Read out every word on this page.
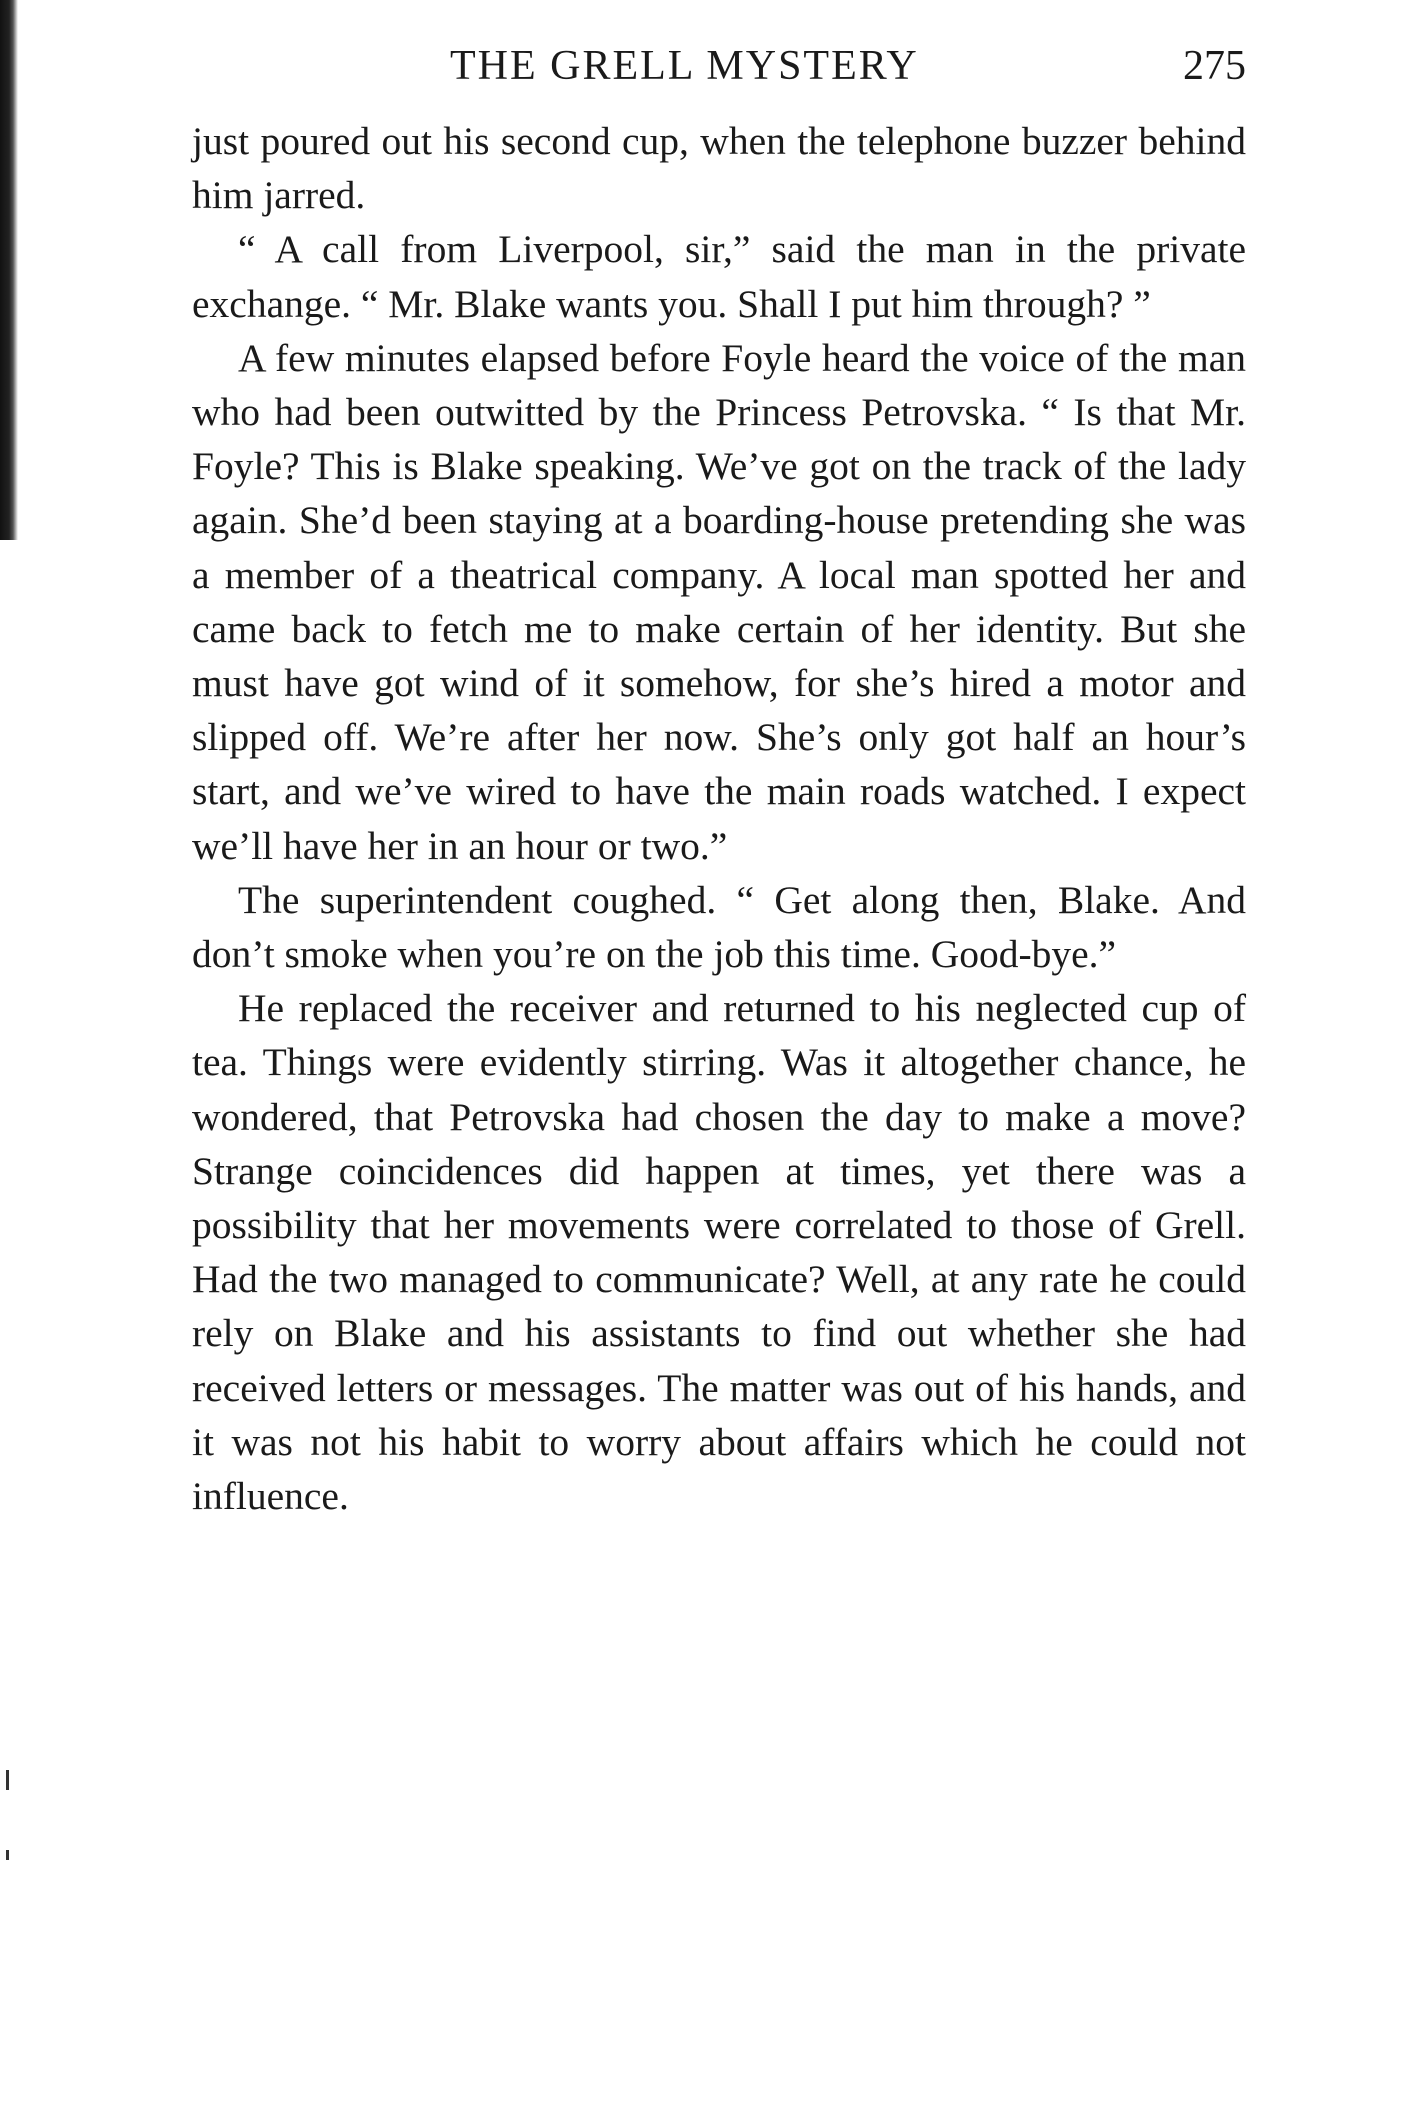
THE GRELL MYSTERY	275

just poured out his second cup, when the telephone buzzer behind him jarred.

“ A call from Liverpool, sir,” said the man in the private exchange. “ Mr. Blake wants you. Shall I put him through? ”

A few minutes elapsed before Foyle heard the voice of the man who had been outwitted by the Princess Petrovska. “ Is that Mr. Foyle? This is Blake speaking. We’ve got on the track of the lady again. She’d been staying at a boarding-house pretending she was a member of a theatrical company. A local man spotted her and came back to fetch me to make certain of her identity. But she must have got wind of it somehow, for she’s hired a motor and slipped off. We’re after her now. She’s only got half an hour’s start, and we’ve wired to have the main roads watched. I expect we’ll have her in an hour or two.”

The superintendent coughed. “ Get along then, Blake. And don’t smoke when you’re on the job this time. Good-bye.”

He replaced the receiver and returned to his neglected cup of tea. Things were evidently stirring. Was it altogether chance, he wondered, that Petrovska had chosen the day to make a move? Strange coincidences did happen at times, yet there was a possibility that her movements were correlated to those of Grell. Had the two managed to communicate? Well, at any rate he could rely on Blake and his assistants to find out whether she had received letters or messages. The matter was out of his hands, and it was not his habit to worry about affairs which he could not influence.
